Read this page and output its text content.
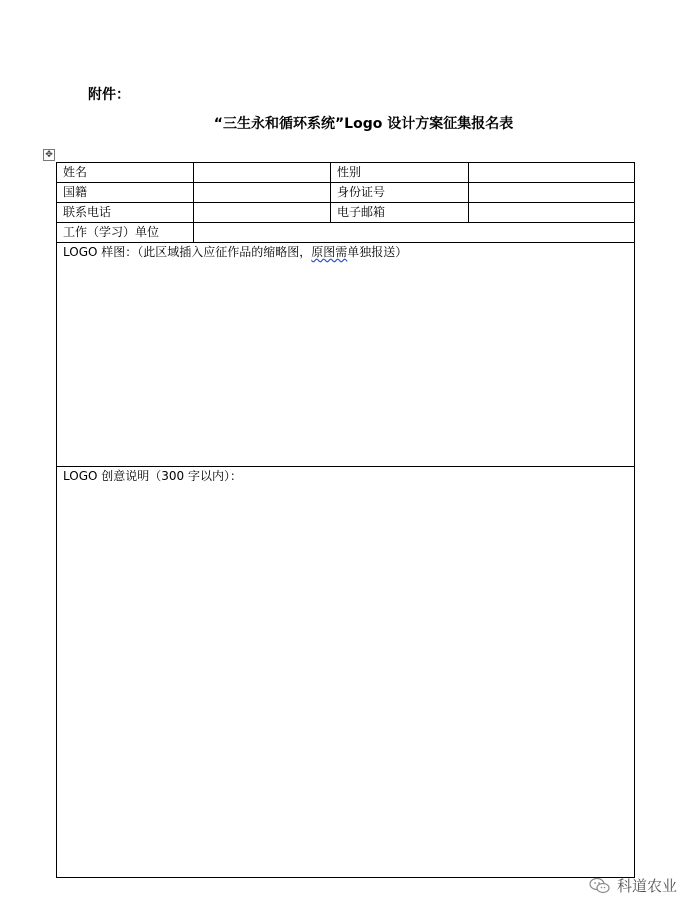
附件：
“三生永和循环系统”Logo 设计方案征集报名表
✥
姓名		性别	
国籍		身份证号	
联系电话		电子邮箱	
工作（学习）单位			
LOGO 样图：（此区域插入应征作品的缩略图，原图需单独报送）			
LOGO 创意说明（300 字以内）：			
科道农业
